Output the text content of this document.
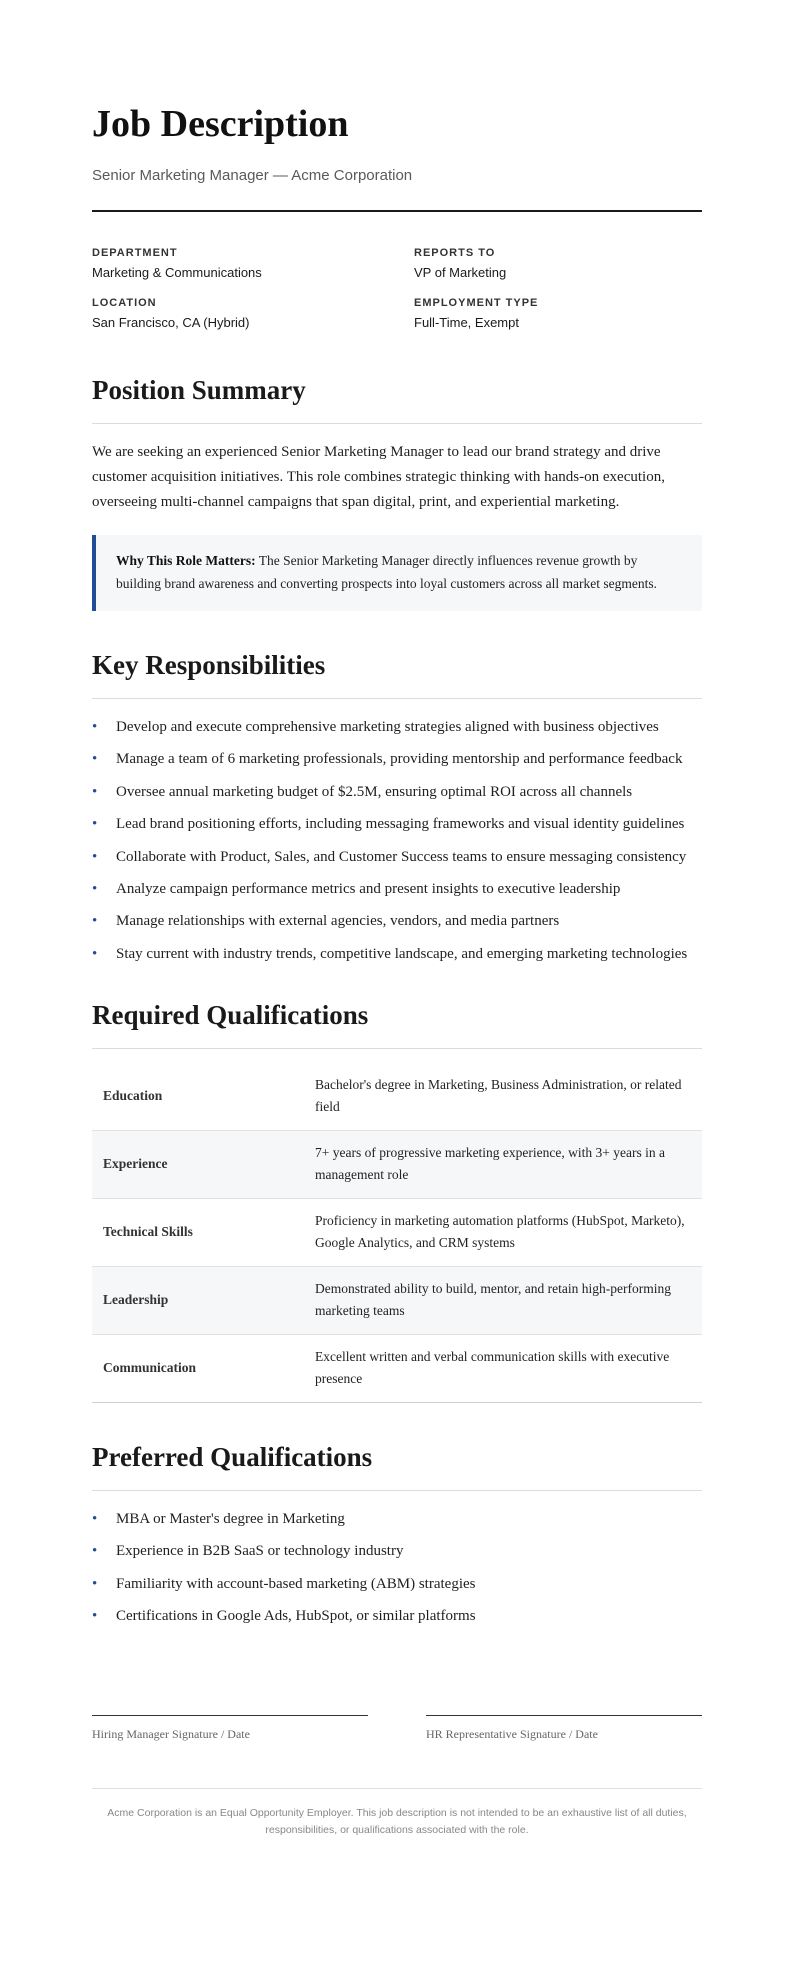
Job Description
Senior Marketing Manager — Acme Corporation
DEPARTMENT
Marketing & Communications
REPORTS TO
VP of Marketing
LOCATION
San Francisco, CA (Hybrid)
EMPLOYMENT TYPE
Full-Time, Exempt
Position Summary

We are seeking an experienced Senior Marketing Manager to lead our brand strategy and drive customer acquisition initiatives. This role combines strategic thinking with hands-on execution, overseeing multi-channel campaigns that span digital, print, and experiential marketing.

Why This Role Matters: The Senior Marketing Manager directly influences revenue growth by building brand awareness and converting prospects into loyal customers across all market segments.
Key Responsibilities
• Develop and execute comprehensive marketing strategies aligned with business objectives
• Manage a team of 6 marketing professionals, providing mentorship and performance feedback
• Oversee annual marketing budget of $2.5M, ensuring optimal ROI across all channels
• Lead brand positioning efforts, including messaging frameworks and visual identity guidelines
• Collaborate with Product, Sales, and Customer Success teams to ensure messaging consistency
• Analyze campaign performance metrics and present insights to executive leadership
• Manage relationships with external agencies, vendors, and media partners
• Stay current with industry trends, competitive landscape, and emerging marketing technologies
Required Qualifications
Education	Bachelor's degree in Marketing, Business Administration, or related field
Experience	7+ years of progressive marketing experience, with 3+ years in a management role
Technical Skills	Proficiency in marketing automation platforms (HubSpot, Marketo), Google Analytics, and CRM systems
Leadership	Demonstrated ability to build, mentor, and retain high-performing marketing teams
Communication	Excellent written and verbal communication skills with executive presence
Preferred Qualifications
• MBA or Master's degree in Marketing
• Experience in B2B SaaS or technology industry
• Familiarity with account-based marketing (ABM) strategies
• Certifications in Google Ads, HubSpot, or similar platforms
Hiring Manager Signature / Date	HR Representative Signature / Date
Acme Corporation is an Equal Opportunity Employer. This job description is not intended to be an exhaustive list of all duties, responsibilities, or qualifications associated with the role.
